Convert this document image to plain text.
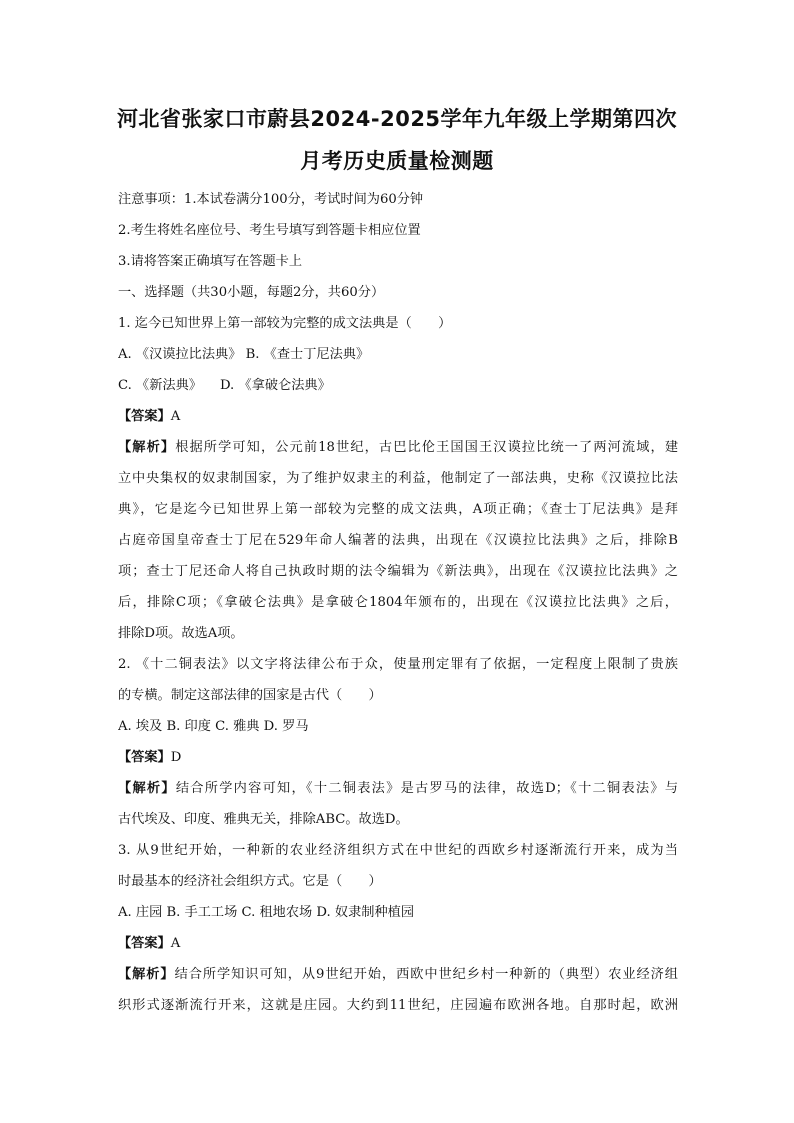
河北省张家口市蔚县2024-2025学年九年级上学期第四次
月考历史质量检测题
注意事项：1.本试卷满分100分，考试时间为60分钟
2.考生将姓名座位号、考生号填写到答题卡相应位置
3.请将答案正确填写在答题卡上
一、选择题（共30小题，每题2分，共60分）
1. 迄今已知世界上第一部较为完整的成文法典是（　　）
A. 《汉谟拉比法典》 B. 《查士丁尼法典》
C. 《新法典》 D. 《拿破仑法典》
【答案】A
【解析】根据所学可知，公元前18世纪，古巴比伦王国国王汉谟拉比统一了两河流域，建
立中央集权的奴隶制国家，为了维护奴隶主的利益，他制定了一部法典，史称《汉谟拉比法
典》，它是迄今已知世界上第一部较为完整的成文法典，A项正确；《查士丁尼法典》是拜
占庭帝国皇帝查士丁尼在529年命人编著的法典，出现在《汉谟拉比法典》之后，排除B
项；查士丁尼还命人将自己执政时期的法令编辑为《新法典》，出现在《汉谟拉比法典》之
后，排除C项；《拿破仑法典》是拿破仑1804年颁布的，出现在《汉谟拉比法典》之后，
排除D项。故选A项。
2. 《十二铜表法》以文字将法律公布于众，使量刑定罪有了依据，一定程度上限制了贵族
的专横。制定这部法律的国家是古代（　　）
A. 埃及 B. 印度 C. 雅典 D. 罗马
【答案】D
【解析】结合所学内容可知，《十二铜表法》是古罗马的法律，故选D；《十二铜表法》与
古代埃及、印度、雅典无关，排除ABC。故选D。
3. 从9世纪开始，一种新的农业经济组织方式在中世纪的西欧乡村逐渐流行开来，成为当
时最基本的经济社会组织方式。它是（　　）
A. 庄园 B. 手工工场 C. 租地农场 D. 奴隶制种植园
【答案】A
【解析】结合所学知识可知，从9世纪开始，西欧中世纪乡村一种新的（典型）农业经济组
织形式逐渐流行开来，这就是庄园。大约到11世纪，庄园遍布欧洲各地。自那时起，欧洲
